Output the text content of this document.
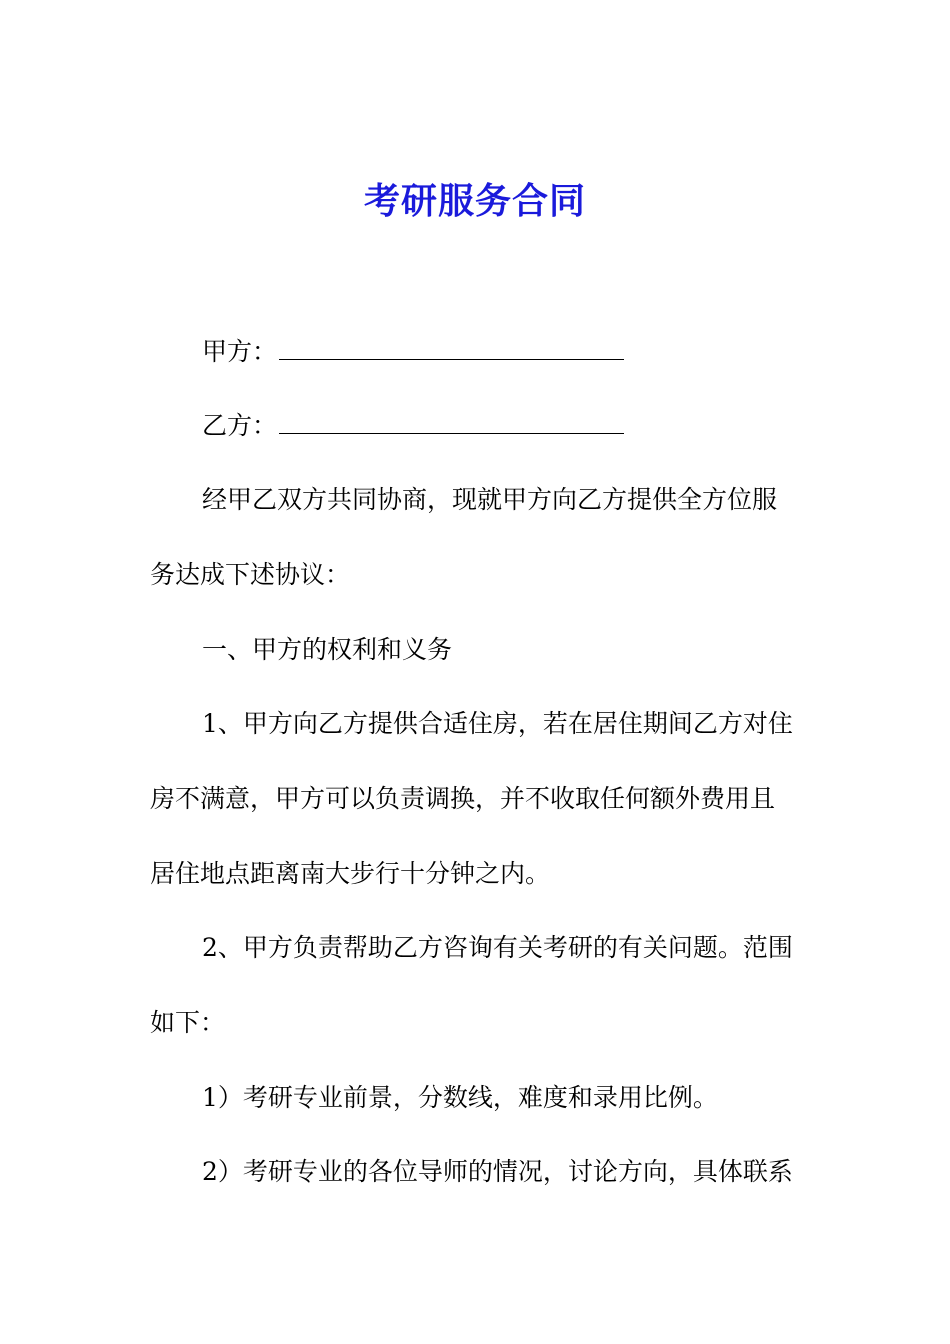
考研服务合同
甲方：
乙方：
经甲乙双方共同协商，现就甲方向乙方提供全方位服
务达成下述协议：
一、甲方的权利和义务
1、甲方向乙方提供合适住房，若在居住期间乙方对住
房不满意，甲方可以负责调换，并不收取任何额外费用且
居住地点距离南大步行十分钟之内。
2、甲方负责帮助乙方咨询有关考研的有关问题。范围
如下：
1）考研专业前景，分数线，难度和录用比例。
2）考研专业的各位导师的情况，讨论方向，具体联系
